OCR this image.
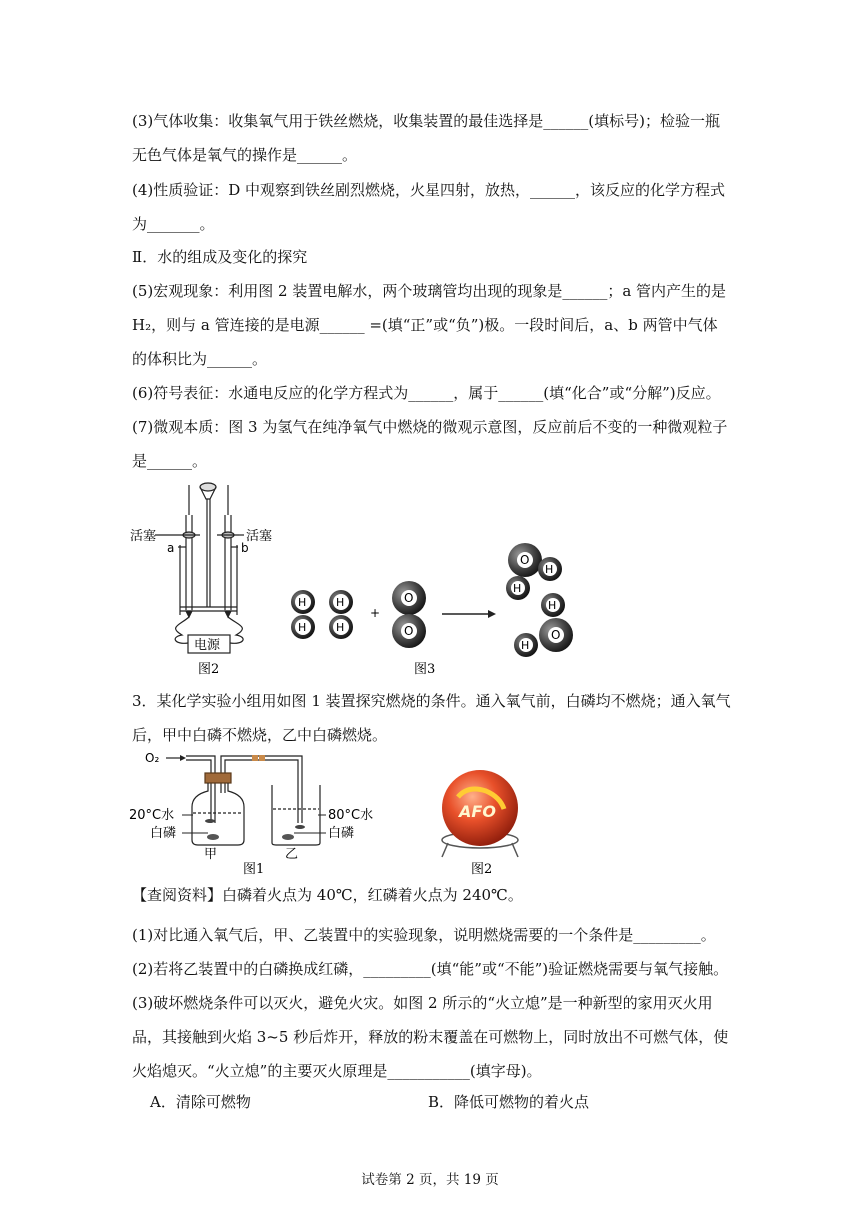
(3)气体收集：收集氧气用于铁丝燃烧，收集装置的最佳选择是______(填标号)；检验一瓶无色气体是氧气的操作是______。

(4)性质验证：D 中观察到铁丝剧烈燃烧，火星四射，放热，______，该反应的化学方程式为_______。

Ⅱ．水的组成及变化的探究

(5)宏观现象：利用图 2 装置电解水，两个玻璃管均出现的现象是______；a 管内产生的是H₂，则与 a 管连接的是电源______ =(填“正”或“负”)极。一段时间后，a、b 两管中气体的体积比为______。

(6)符号表征：水通电反应的化学方程式为______，属于______(填“化合”或“分解”)反应。

(7)微观本质：图 3 为氢气在纯净氧气中燃烧的微观示意图，反应前后不变的一种微观粒子是______。

活塞	活塞
a	b
电源
图2
H
H
H
H
+
O
O
O
H
H
H
O
H
图3

3．某化学实验小组用如图 1 装置探究燃烧的条件。通入氧气前，白磷均不燃烧；通入氧气后，甲中白磷不燃烧，乙中白磷燃烧。

O₂
20°C水
白磷
80°C水
白磷
甲	乙
图1
AFO
图2

【查阅资料】白磷着火点为 40℃，红磷着火点为 240℃。

(1)对比通入氧气后，甲、乙装置中的实验现象，说明燃烧需要的一个条件是_________。

(2)若将乙装置中的白磷换成红磷，_________(填“能”或“不能”)验证燃烧需要与氧气接触。

(3)破坏燃烧条件可以灭火，避免火灾。如图 2 所示的“火立熄”是一种新型的家用灭火用品，其接触到火焰 3~5 秒后炸开，释放的粉末覆盖在可燃物上，同时放出不可燃气体，使火焰熄灭。“火立熄”的主要灭火原理是___________(填字母)。

A．清除可燃物	B．降低可燃物的着火点
试卷第 2 页，共 19 页
